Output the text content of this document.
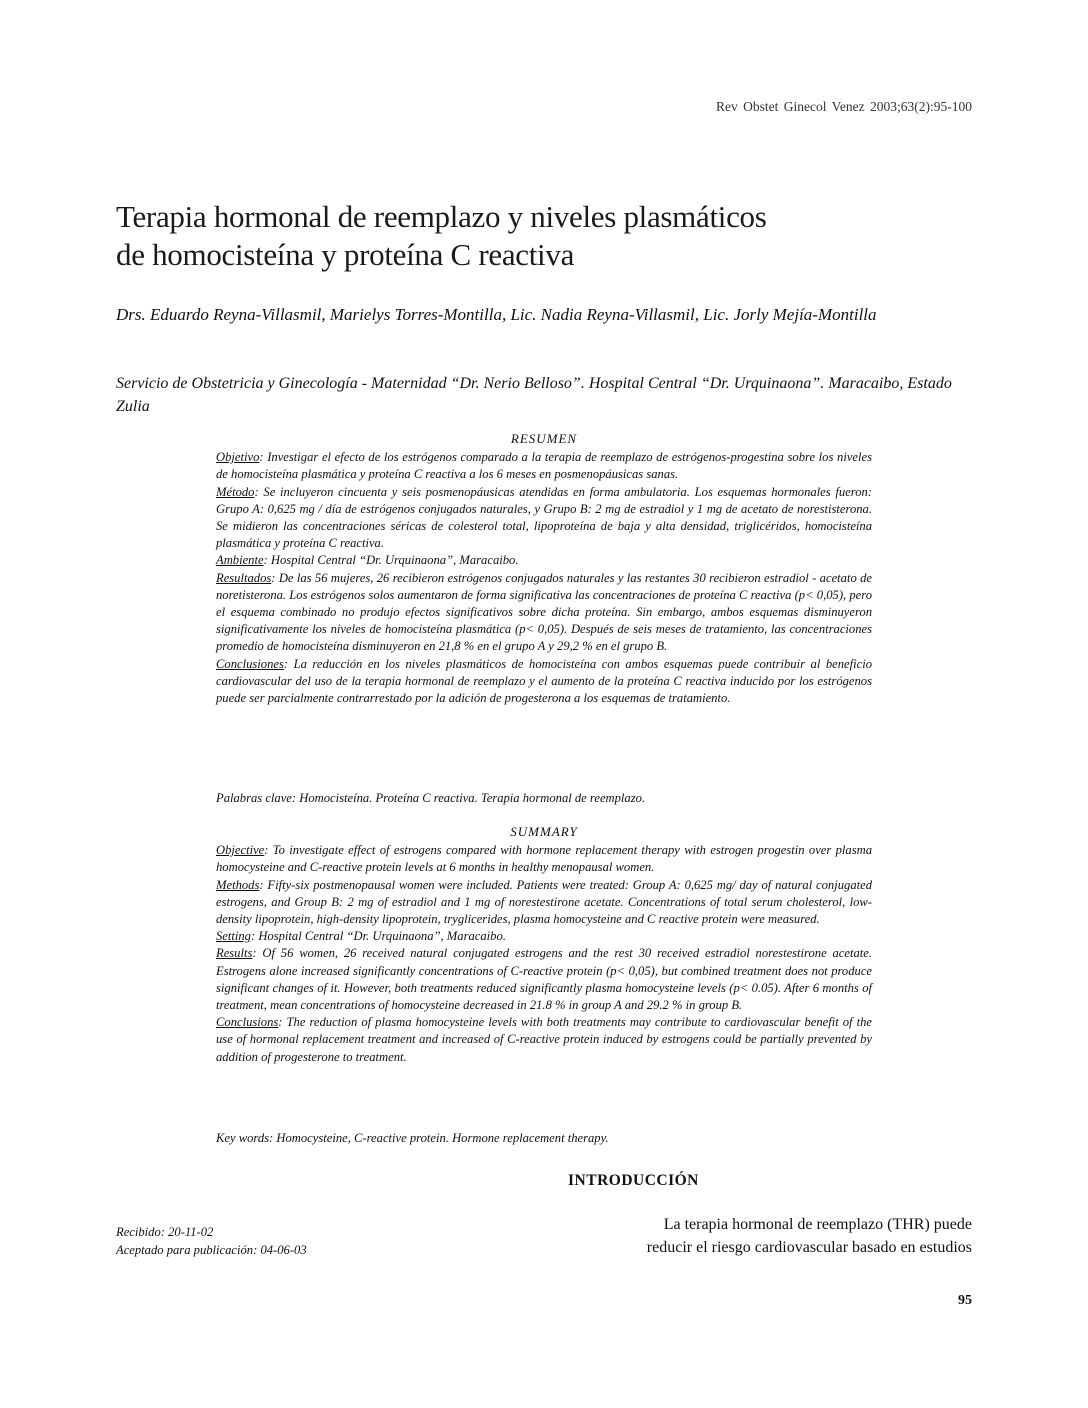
Rev Obstet Ginecol Venez 2003;63(2):95-100
Terapia hormonal de reemplazo y niveles plasmáticos
de homocisteína y proteína C reactiva
Drs. Eduardo Reyna-Villasmil, Marielys Torres-Montilla, Lic. Nadia Reyna-Villasmil, Lic. Jorly Mejía-Montilla
Servicio de Obstetricia y Ginecología - Maternidad “Dr. Nerio Belloso”. Hospital Central “Dr. Urquinaona”. Maracaibo, Estado Zulia
RESUMEN

Objetivo: Investigar el efecto de los estrógenos comparado a la terapia de reemplazo de estrógenos-progestina sobre los niveles de homocisteína plasmática y proteína C reactiva a los 6 meses en posmenopáusicas sanas.

Método: Se incluyeron cincuenta y seis posmenopáusicas atendidas en forma ambulatoria. Los esquemas hormonales fueron: Grupo A: 0,625 mg / día de estrógenos conjugados naturales, y Grupo B: 2 mg de estradiol y 1 mg de acetato de norestisterona. Se midieron las concentraciones séricas de colesterol total, lipoproteína de baja y alta densidad, triglicéridos, homocisteína plasmática y proteína C reactiva.

Ambiente: Hospital Central “Dr. Urquinaona”, Maracaibo.

Resultados: De las 56 mujeres, 26 recibieron estrógenos conjugados naturales y las restantes 30 recibieron estradiol - acetato de noretisterona. Los estrógenos solos aumentaron de forma significativa las concentraciones de proteína C reactiva (p< 0,05), pero el esquema combinado no produjo efectos significativos sobre dicha proteína. Sin embargo, ambos esquemas disminuyeron significativamente los niveles de homocisteína plasmática (p< 0,05). Después de seis meses de tratamiento, las concentraciones promedio de homocisteína disminuyeron en 21,8 % en el grupo A y 29,2 % en el grupo B.

Conclusiones: La reducción en los niveles plasmáticos de homocisteína con ambos esquemas puede contribuir al beneficio cardiovascular del uso de la terapia hormonal de reemplazo y el aumento de la proteína C reactiva inducido por los estrógenos puede ser parcialmente contrarrestado por la adición de progesterona a los esquemas de tratamiento.

Palabras clave: Homocisteína. Proteína C reactiva. Terapia hormonal de reemplazo.
SUMMARY

Objective: To investigate effect of estrogens compared with hormone replacement therapy with estrogen progestin over plasma homocysteine and C-reactive protein levels at 6 months in healthy menopausal women.

Methods: Fifty-six postmenopausal women were included. Patients were treated: Group A: 0,625 mg/ day of natural conjugated estrogens, and Group B: 2 mg of estradiol and 1 mg of norestestirone acetate. Concentrations of total serum cholesterol, low-density lipoprotein, high-density lipoprotein, tryglicerides, plasma homocysteine and C reactive protein were measured.

Setting: Hospital Central “Dr. Urquinaona”, Maracaibo.

Results: Of 56 women, 26 received natural conjugated estrogens and the rest 30 received estradiol norestestirone acetate. Estrogens alone increased significantly concentrations of C-reactive protein (p< 0,05), but combined treatment does not produce significant changes of it. However, both treatments reduced significantly plasma homocysteine levels (p< 0.05). After 6 months of treatment, mean concentrations of homocysteine decreased in 21.8 % in group A and 29.2 % in group B.

Conclusions: The reduction of plasma homocysteine levels with both treatments may contribute to cardiovascular benefit of the use of hormonal replacement treatment and increased of C-reactive protein induced by estrogens could be partially prevented by addition of progesterone to treatment.

Key words: Homocysteine, C-reactive protein. Hormone replacement therapy.
INTRODUCCIÓN
La terapia hormonal de reemplazo (THR) puede
reducir el riesgo cardiovascular basado en estudios
Recibido: 20-11-02
Aceptado para publicación: 04-06-03
95
